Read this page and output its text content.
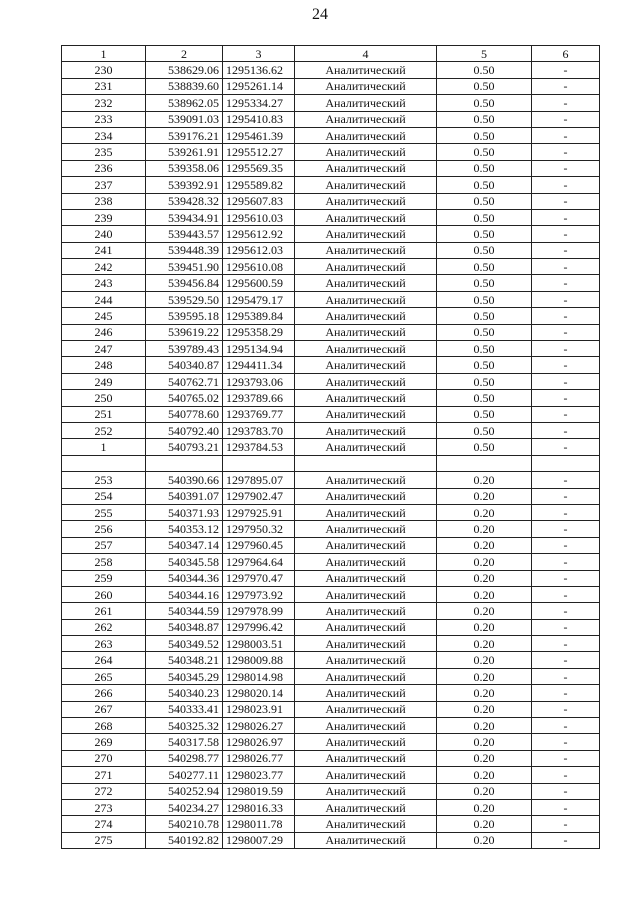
24
1	2	3	4	5	6
230	538629.06	1295136.62	Аналитический	0.50	-
231	538839.60	1295261.14	Аналитический	0.50	-
232	538962.05	1295334.27	Аналитический	0.50	-
233	539091.03	1295410.83	Аналитический	0.50	-
234	539176.21	1295461.39	Аналитический	0.50	-
235	539261.91	1295512.27	Аналитический	0.50	-
236	539358.06	1295569.35	Аналитический	0.50	-
237	539392.91	1295589.82	Аналитический	0.50	-
238	539428.32	1295607.83	Аналитический	0.50	-
239	539434.91	1295610.03	Аналитический	0.50	-
240	539443.57	1295612.92	Аналитический	0.50	-
241	539448.39	1295612.03	Аналитический	0.50	-
242	539451.90	1295610.08	Аналитический	0.50	-
243	539456.84	1295600.59	Аналитический	0.50	-
244	539529.50	1295479.17	Аналитический	0.50	-
245	539595.18	1295389.84	Аналитический	0.50	-
246	539619.22	1295358.29	Аналитический	0.50	-
247	539789.43	1295134.94	Аналитический	0.50	-
248	540340.87	1294411.34	Аналитический	0.50	-
249	540762.71	1293793.06	Аналитический	0.50	-
250	540765.02	1293789.66	Аналитический	0.50	-
251	540778.60	1293769.77	Аналитический	0.50	-
252	540792.40	1293783.70	Аналитический	0.50	-
1	540793.21	1293784.53	Аналитический	0.50	-

253	540390.66	1297895.07	Аналитический	0.20	-
254	540391.07	1297902.47	Аналитический	0.20	-
255	540371.93	1297925.91	Аналитический	0.20	-
256	540353.12	1297950.32	Аналитический	0.20	-
257	540347.14	1297960.45	Аналитический	0.20	-
258	540345.58	1297964.64	Аналитический	0.20	-
259	540344.36	1297970.47	Аналитический	0.20	-
260	540344.16	1297973.92	Аналитический	0.20	-
261	540344.59	1297978.99	Аналитический	0.20	-
262	540348.87	1297996.42	Аналитический	0.20	-
263	540349.52	1298003.51	Аналитический	0.20	-
264	540348.21	1298009.88	Аналитический	0.20	-
265	540345.29	1298014.98	Аналитический	0.20	-
266	540340.23	1298020.14	Аналитический	0.20	-
267	540333.41	1298023.91	Аналитический	0.20	-
268	540325.32	1298026.27	Аналитический	0.20	-
269	540317.58	1298026.97	Аналитический	0.20	-
270	540298.77	1298026.77	Аналитический	0.20	-
271	540277.11	1298023.77	Аналитический	0.20	-
272	540252.94	1298019.59	Аналитический	0.20	-
273	540234.27	1298016.33	Аналитический	0.20	-
274	540210.78	1298011.78	Аналитический	0.20	-
275	540192.82	1298007.29	Аналитический	0.20	-
